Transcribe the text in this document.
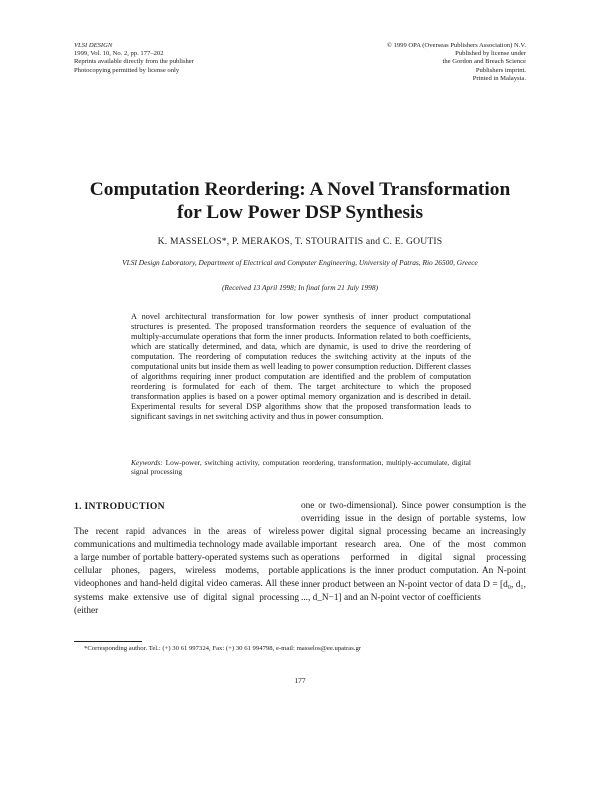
VLSI DESIGN
1999, Vol. 10, No. 2, pp. 177–202
Reprints available directly from the publisher
Photocopying permitted by license only
© 1999 OPA (Overseas Publishers Association) N.V.
Published by license under
the Gordon and Breach Science
Publishers imprint.
Printed in Malaysia.
Computation Reordering: A Novel Transformation
for Low Power DSP Synthesis
K. MASSELOS*, P. MERAKOS, T. STOURAITIS and C. E. GOUTIS
VLSI Design Laboratory, Department of Electrical and Computer Engineering, University of Patras, Rio 26500, Greece
(Received 13 April 1998; In final form 21 July 1998)

A novel architectural transformation for low power synthesis of inner product computational structures is presented. The proposed transformation reorders the sequence of evaluation of the multiply-accumulate operations that form the inner products. Information related to both coefficients, which are statically determined, and data, which are dynamic, is used to drive the reordering of computation. The reordering of computation reduces the switching activity at the inputs of the computational units but inside them as well leading to power consumption reduction. Different classes of algorithms requiring inner product computation are identified and the problem of computation reordering is formulated for each of them. The target architecture to which the proposed transformation applies is based on a power optimal memory organization and is described in detail. Experimental results for several DSP algorithms show that the proposed transformation leads to significant savings in net switching activity and thus in power consumption.

Keywords: Low-power, switching activity, computation reordering, transformation, multiply-accumulate, digital signal processing
1. INTRODUCTION

The recent rapid advances in the areas of wireless communications and multimedia technology made available a large number of portable battery-operated systems such as cellular phones, pagers, wireless modems, portable videophones and hand-held digital video cameras. All these systems make extensive use of digital signal processing (either

one or two-dimensional). Since power consumption is the overriding issue in the design of portable systems, low power digital signal processing became an increasingly important research area. One of the most common operations performed in digital signal processing applications is the inner product computation. An N-point inner product between an N-point vector of data D = [d₀, d₁, ..., d_N−1] and an N-point vector of coefficients

*Corresponding author. Tel.: (+) 30 61 997324, Fax: (+) 30 61 994798, e-mail: masselos@ee.upatras.gr
177
